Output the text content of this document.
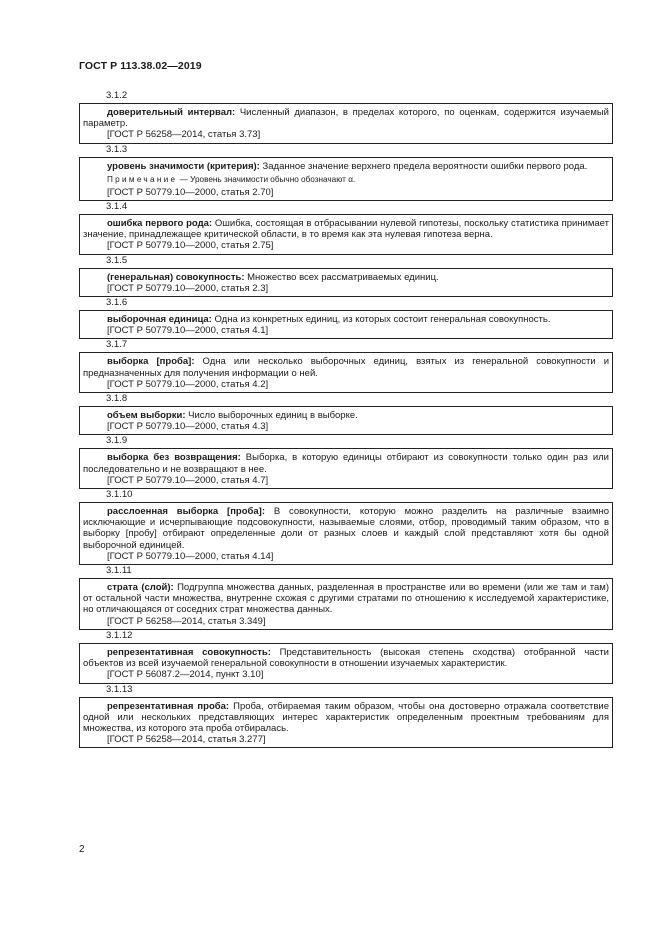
ГОСТ Р 113.38.02—2019
3.1.2
доверительный интервал: Численный диапазон, в пределах которого, по оценкам, содержится изучаемый параметр.
[ГОСТ Р 56258—2014, статья 3.73]
3.1.3
уровень значимости (критерия): Заданное значение верхнего предела вероятности ошибки первого рода.
Примечание — Уровень значимости обычно обозначают α.
[ГОСТ Р 50779.10—2000, статья 2.70]
3.1.4
ошибка первого рода: Ошибка, состоящая в отбрасывании нулевой гипотезы, поскольку статистика принимает значение, принадлежащее критической области, в то время как эта нулевая гипотеза верна.
[ГОСТ Р 50779.10—2000, статья 2.75]
3.1.5
(генеральная) совокупность: Множество всех рассматриваемых единиц.
[ГОСТ Р 50779.10—2000, статья 2.3]
3.1.6
выборочная единица: Одна из конкретных единиц, из которых состоит генеральная совокупность.
[ГОСТ Р 50779.10—2000, статья 4.1]
3.1.7
выборка [проба]: Одна или несколько выборочных единиц, взятых из генеральной совокупности и предназначенных для получения информации о ней.
[ГОСТ Р 50779.10—2000, статья 4.2]
3.1.8
объем выборки: Число выборочных единиц в выборке.
[ГОСТ Р 50779.10—2000, статья 4.3]
3.1.9
выборка без возвращения: Выборка, в которую единицы отбирают из совокупности только один раз или последовательно и не возвращают в нее.
[ГОСТ Р 50779.10—2000, статья 4.7]
3.1.10
расслоенная выборка [проба]: В совокупности, которую можно разделить на различные взаимно исключающие и исчерпывающие подсовокупности, называемые слоями, отбор, проводимый таким образом, что в выборку [пробу] отбирают определенные доли от разных слоев и каждый слой представляют хотя бы одной выборочной единицей.
[ГОСТ Р 50779.10—2000, статья 4.14]
3.1.11
страта (слой): Подгруппа множества данных, разделенная в пространстве или во времени (или же там и там) от остальной части множества, внутренне схожая с другими стратами по отношению к исследуемой характеристике, но отличающаяся от соседних страт множества данных.
[ГОСТ Р 56258—2014, статья 3.349]
3.1.12
репрезентативная совокупность: Представительность (высокая степень сходства) отобранной части объектов из всей изучаемой генеральной совокупности в отношении изучаемых характеристик.
[ГОСТ Р 56087.2—2014, пункт 3.10]
3.1.13
репрезентативная проба: Проба, отбираемая таким образом, чтобы она достоверно отражала соответствие одной или нескольких представляющих интерес характеристик определенным проектным требованиям для множества, из которого эта проба отбиралась.
[ГОСТ Р 56258—2014, статья 3.277]
2
